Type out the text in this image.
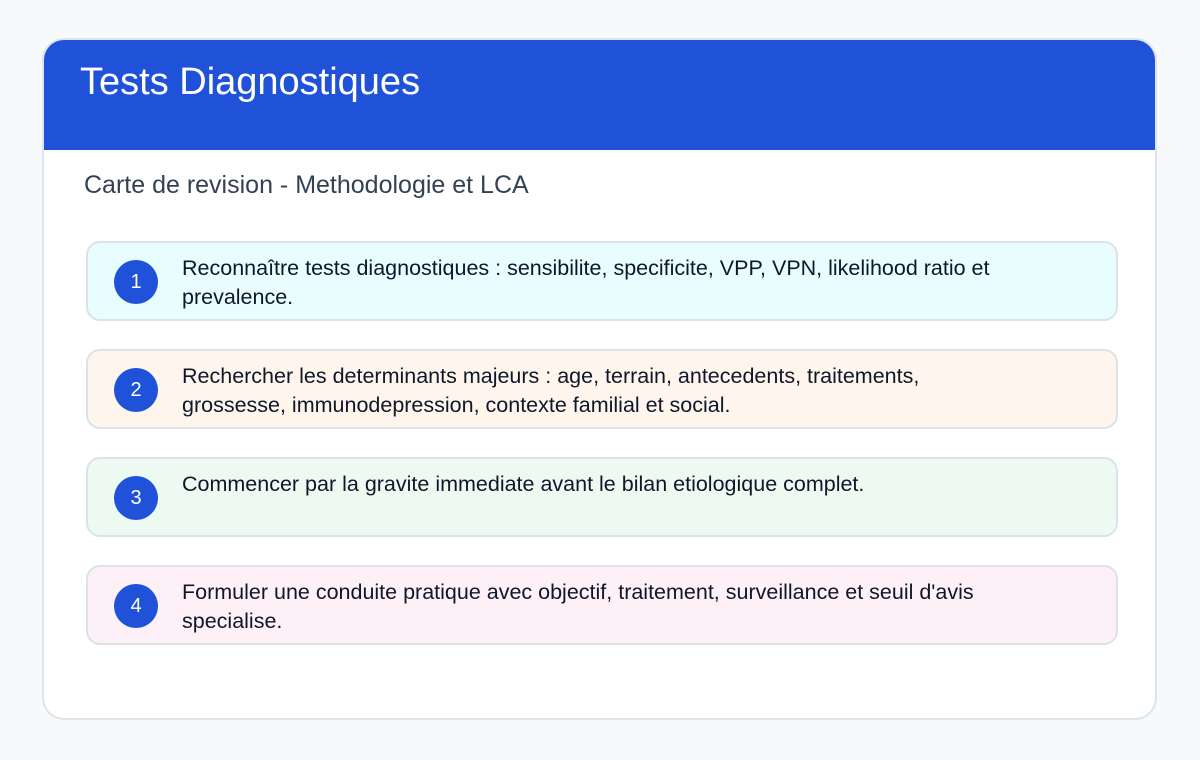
Tests Diagnostiques

Carte de revision - Methodologie et LCA

1

Reconnaître tests diagnostiques : sensibilite, specificite, VPP, VPN, likelihood ratio et prevalence.

2

Rechercher les determinants majeurs : age, terrain, antecedents, traitements, grossesse, immunodepression, contexte familial et social.

3

Commencer par la gravite immediate avant le bilan etiologique complet.

4

Formuler une conduite pratique avec objectif, traitement, surveillance et seuil d'avis specialise.
